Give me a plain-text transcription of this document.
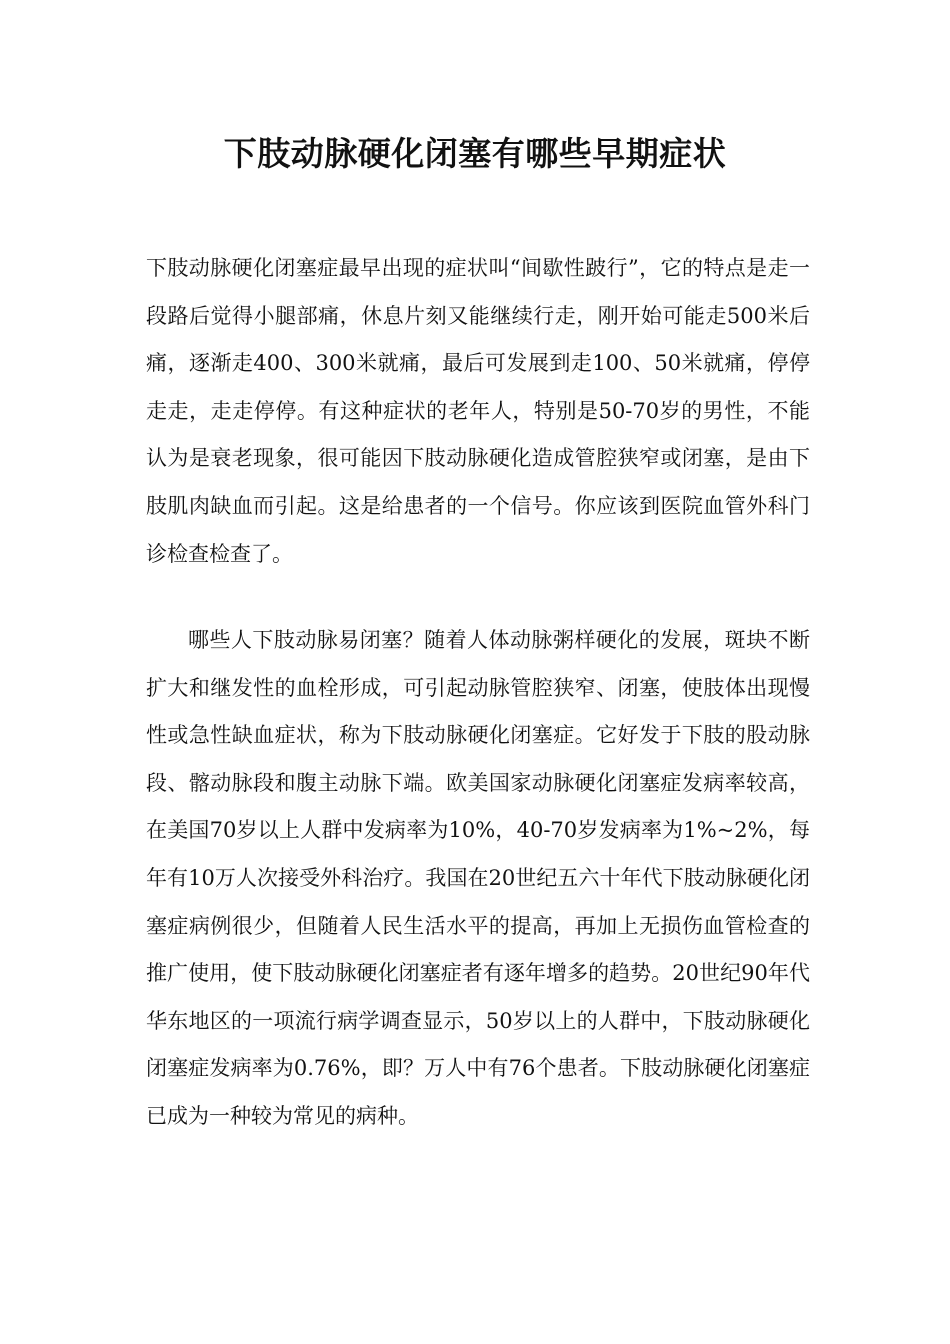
下肢动脉硬化闭塞有哪些早期症状

下肢动脉硬化闭塞症最早出现的症状叫“间歇性跛行”，它的特点是走一段路后觉得小腿部痛，休息片刻又能继续行走，刚开始可能走500米后痛，逐渐走400、300米就痛，最后可发展到走100、50米就痛，停停走走，走走停停。有这种症状的老年人，特别是50-70岁的男性，不能认为是衰老现象，很可能因下肢动脉硬化造成管腔狭窄或闭塞，是由下肢肌肉缺血而引起。这是给患者的一个信号。你应该到医院血管外科门诊检查检查了。

哪些人下肢动脉易闭塞？随着人体动脉粥样硬化的发展，斑块不断扩大和继发性的血栓形成，可引起动脉管腔狭窄、闭塞，使肢体出现慢性或急性缺血症状，称为下肢动脉硬化闭塞症。它好发于下肢的股动脉段、髂动脉段和腹主动脉下端。欧美国家动脉硬化闭塞症发病率较高，在美国70岁以上人群中发病率为10%，40-70岁发病率为1%~2%，每年有10万人次接受外科治疗。我国在20世纪五六十年代下肢动脉硬化闭塞症病例很少，但随着人民生活水平的提高，再加上无损伤血管检查的推广使用，使下肢动脉硬化闭塞症者有逐年增多的趋势。20世纪90年代华东地区的一项流行病学调查显示，50岁以上的人群中，下肢动脉硬化闭塞症发病率为0.76%，即？万人中有76个患者。下肢动脉硬化闭塞症已成为一种较为常见的病种。
